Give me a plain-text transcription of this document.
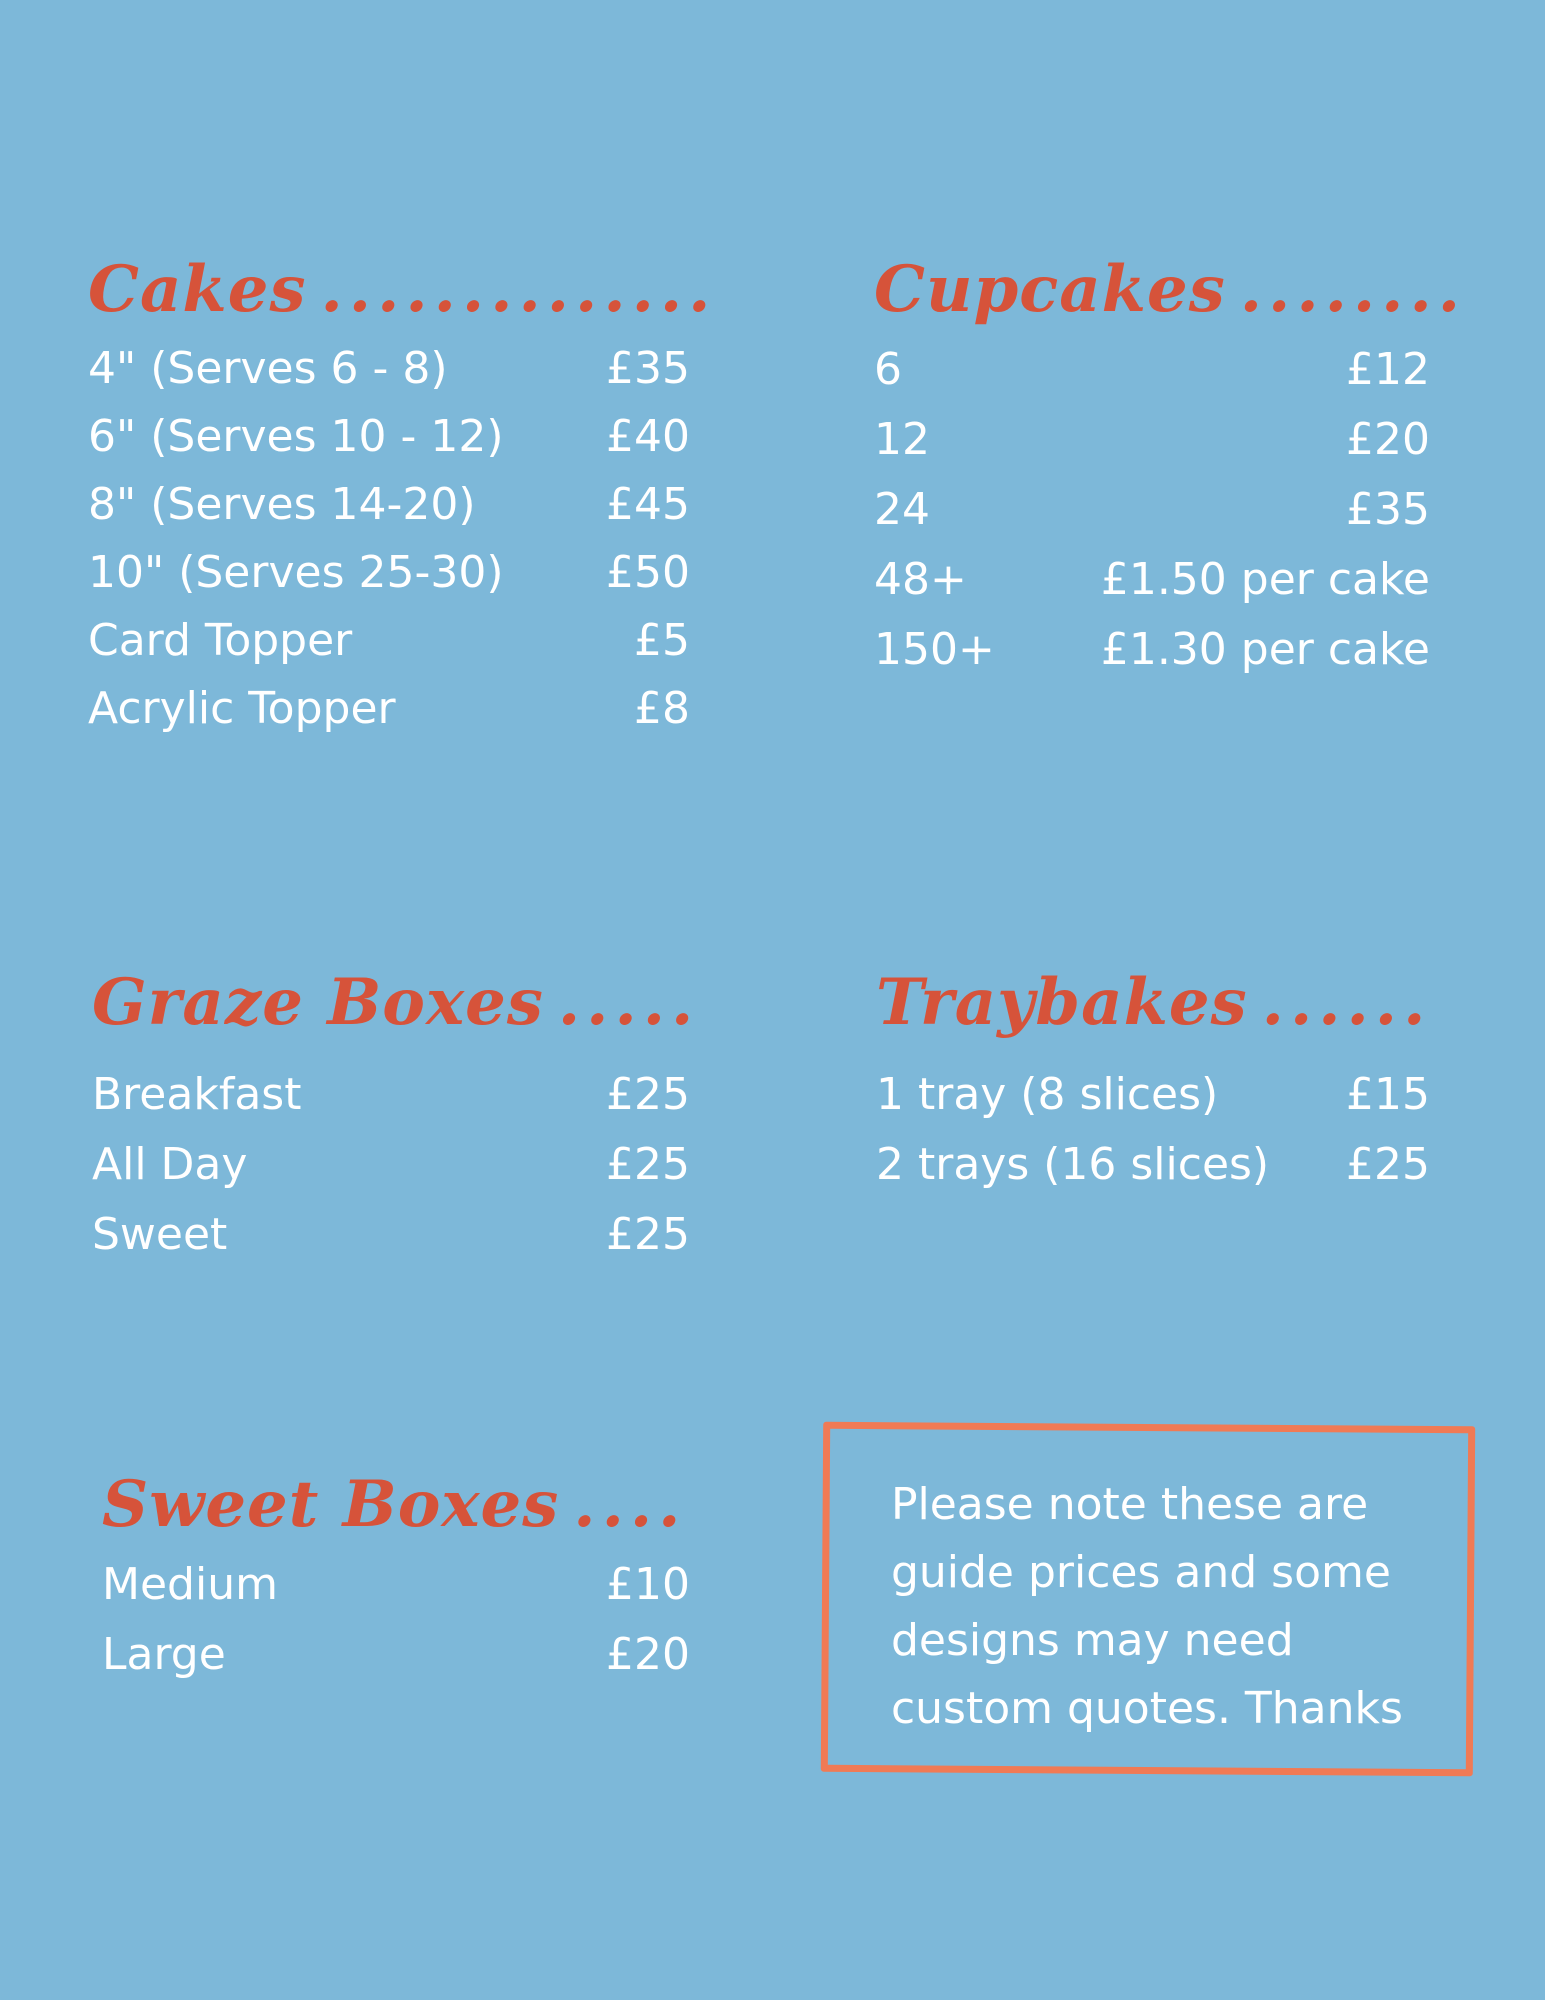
Cakes ..............
4" (Serves 6 - 8)	£35
6" (Serves 10 - 12) £40
8" (Serves 14-20)	£45
10" (Serves 25-30) £50
Card Topper	£5
Acrylic Topper	£8
Cupcakes ........
6	£12
12	£20
24	£35
48+	£1.50 per cake
150+ £1.30 per cake
Graze Boxes .....
Breakfast	£25
All Day	£25
Sweet	£25
Traybakes ......
1 tray (8 slices)	£15
2 trays (16 slices) £25
Sweet Boxes ....
Medium	£10
Large	£20
Please note these are guide prices and some designs may need custom quotes. Thanks
